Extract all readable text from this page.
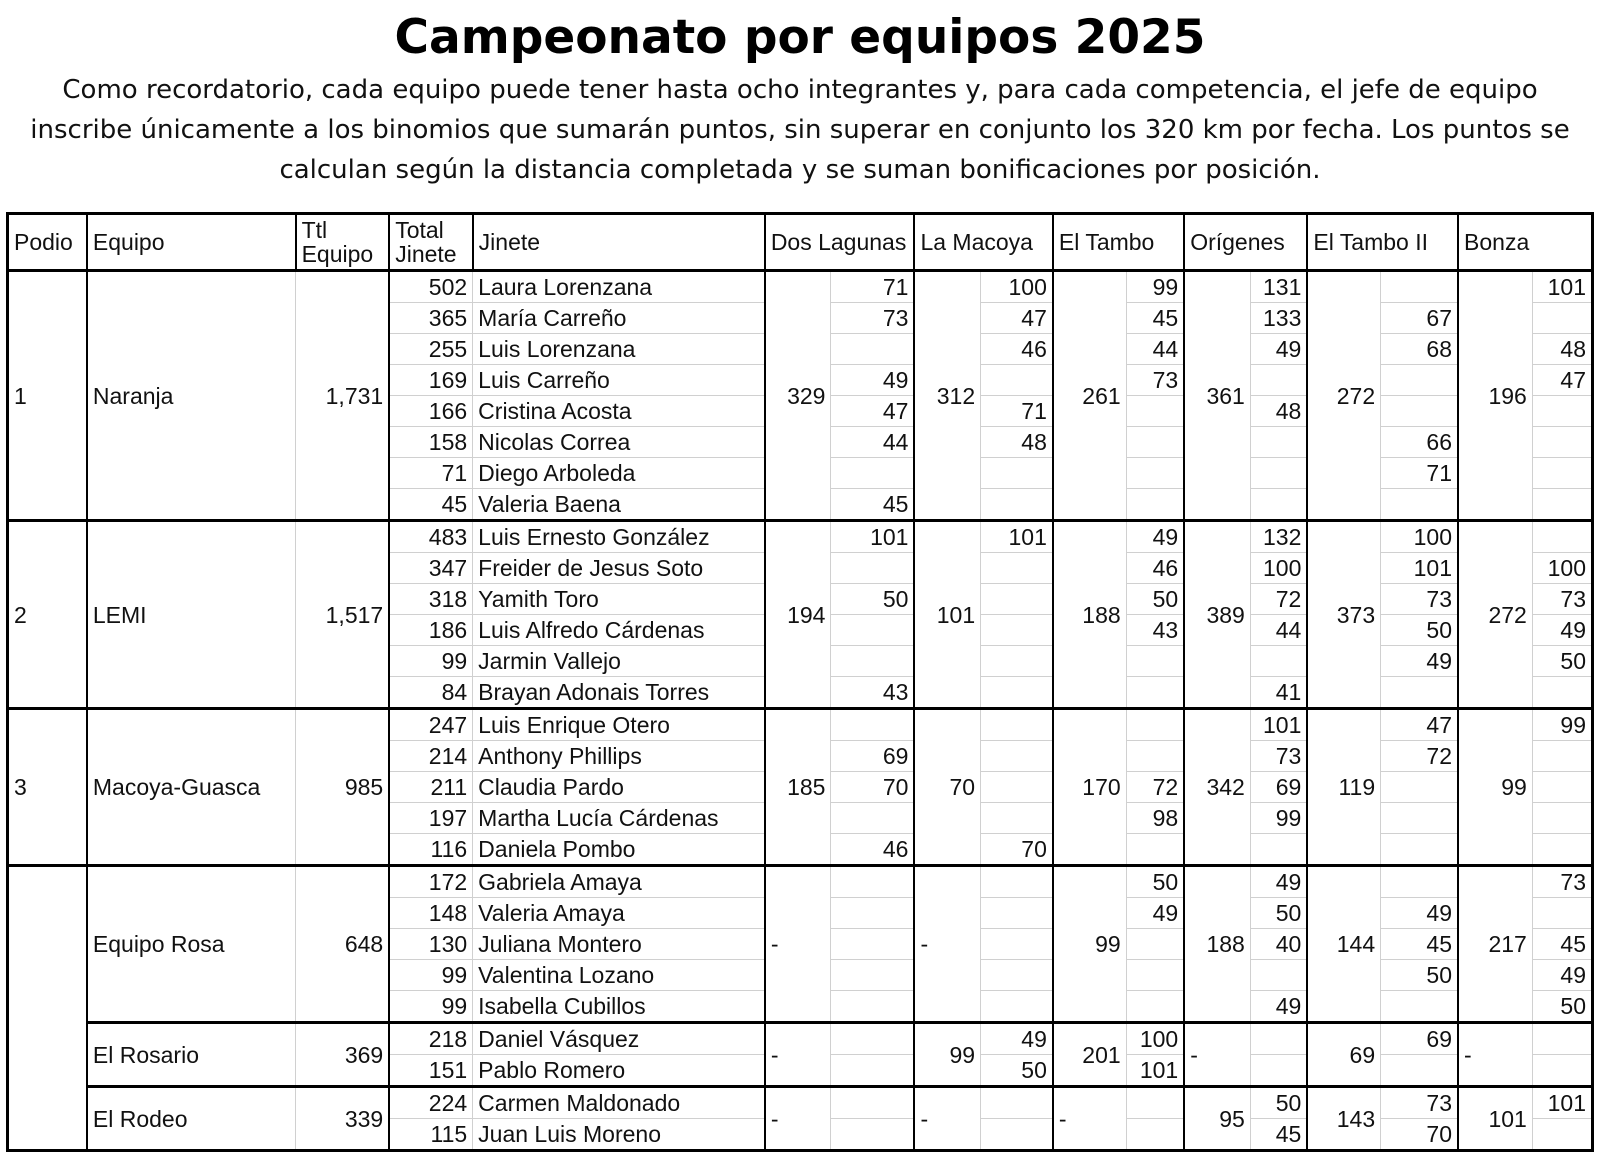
Campeonato por equipos 2025

Como recordatorio, cada equipo puede tener hasta ocho integrantes y, para cada competencia, el jefe de equipo inscribe únicamente a los binomios que sumarán puntos, sin superar en conjunto los 320 km por fecha. Los puntos se calculan según la distancia completada y se suman bonificaciones por posición.

Podio	Equipo	Ttl Equipo	Total Jinete	Jinete	Dos Lagunas		La Macoya		El Tambo		Orígenes		El Tambo II		Bonza	
1	Naranja	1,731	502	Laura Lorenzana	329	71	312	100	261	99	361	131	272		196	101
			365	María Carreño		73		47		45		133		67		
			255	Luis Lorenzana				46		44		49		68		48
			169	Luis Carreño		49				73						47
			166	Cristina Acosta		47		71				48				
			158	Nicolas Correa		44		48						66		
			71	Diego Arboleda										71		
			45	Valeria Baena		45										
2	LEMI	1,517	483	Luis Ernesto González	194	101	101	101	188	49	389	132	373	100	272	
			347	Freider de Jesus Soto						46		100		101		100
			318	Yamith Toro		50				50		72		73		73
			186	Luis Alfredo Cárdenas						43		44		50		49
			99	Jarmin Vallejo										49		50
			84	Brayan Adonais Torres		43						41				
3	Macoya-Guasca	985	247	Luis Enrique Otero	185		70		170		342	101	119	47	99	99
			214	Anthony Phillips		69						73		72		
			211	Claudia Pardo		70				72		69				
			197	Martha Lucía Cárdenas						98		99				
			116	Daniela Pombo		46		70								
	Equipo Rosa	648	172	Gabriela Amaya	-		-		99	50	188	49	144		217	73
			148	Valeria Amaya						49		50		49		
			130	Juliana Montero								40		45		45
			99	Valentina Lozano										50		49
			99	Isabella Cubillos								49				50
	El Rosario	369	218	Daniel Vásquez	-		99	49	201	100	-		69	69	-	
			151	Pablo Romero				50		101						
	El Rodeo	339	224	Carmen Maldonado	-		-		-		95	50	143	73	101	101
			115	Juan Luis Moreno								45		70		
